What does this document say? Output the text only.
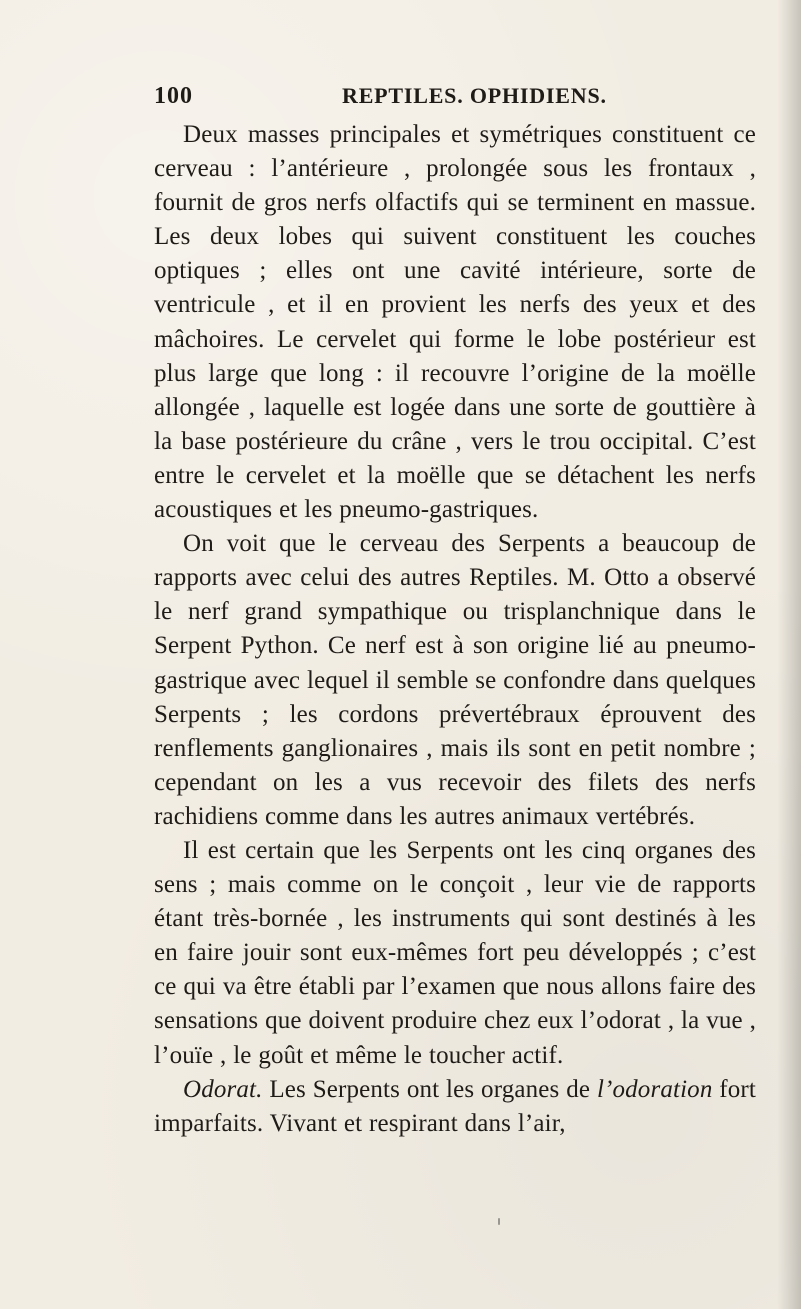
100	REPTILES. OPHIDIENS.

Deux masses principales et symétriques constituent ce cerveau : l’antérieure , prolongée sous les frontaux , fournit de gros nerfs olfactifs qui se terminent en massue. Les deux lobes qui suivent constituent les couches optiques ; elles ont une cavité intérieure, sorte de ventricule , et il en provient les nerfs des yeux et des mâchoires. Le cervelet qui forme le lobe postérieur est plus large que long : il recouvre l’origine de la moëlle allongée , laquelle est logée dans une sorte de gouttière à la base postérieure du crâne , vers le trou occipital. C’est entre le cervelet et la moëlle que se détachent les nerfs acoustiques et les pneumo-gastriques.

On voit que le cerveau des Serpents a beaucoup de rapports avec celui des autres Reptiles. M. Otto a observé le nerf grand sympathique ou trisplanchnique dans le Serpent Python. Ce nerf est à son origine lié au pneumo-gastrique avec lequel il semble se confondre dans quelques Serpents ; les cordons prévertébraux éprouvent des renflements ganglionaires , mais ils sont en petit nombre ; cependant on les a vus recevoir des filets des nerfs rachidiens comme dans les autres animaux vertébrés.

Il est certain que les Serpents ont les cinq organes des sens ; mais comme on le conçoit , leur vie de rapports étant très-bornée , les instruments qui sont destinés à les en faire jouir sont eux-mêmes fort peu développés ; c’est ce qui va être établi par l’examen que nous allons faire des sensations que doivent produire chez eux l’odorat , la vue , l’ouïe , le goût et même le toucher actif.

Odorat. Les Serpents ont les organes de l’odoration fort imparfaits. Vivant et respirant dans l’air,
